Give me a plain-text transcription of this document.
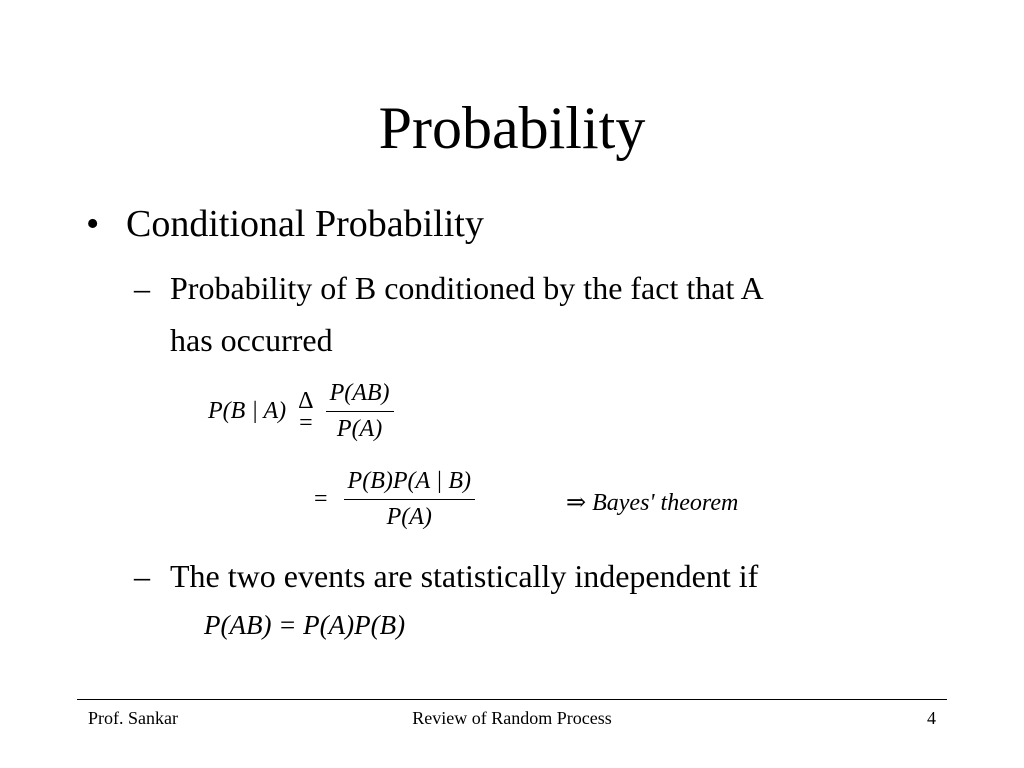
Probability
• Conditional Probability
– Probability of B conditioned by the fact that A
has occurred
P(B | A) Δ
=
$\frac{P(AB)}{P(A)}$
= $\frac{P(B)P(A | B)}{P(A)}$	⇒ Bayes' theorem
– The two events are statistically independent if
P(AB) = P(A)P(B)
Prof. Sankar	Review of Random Process	4
